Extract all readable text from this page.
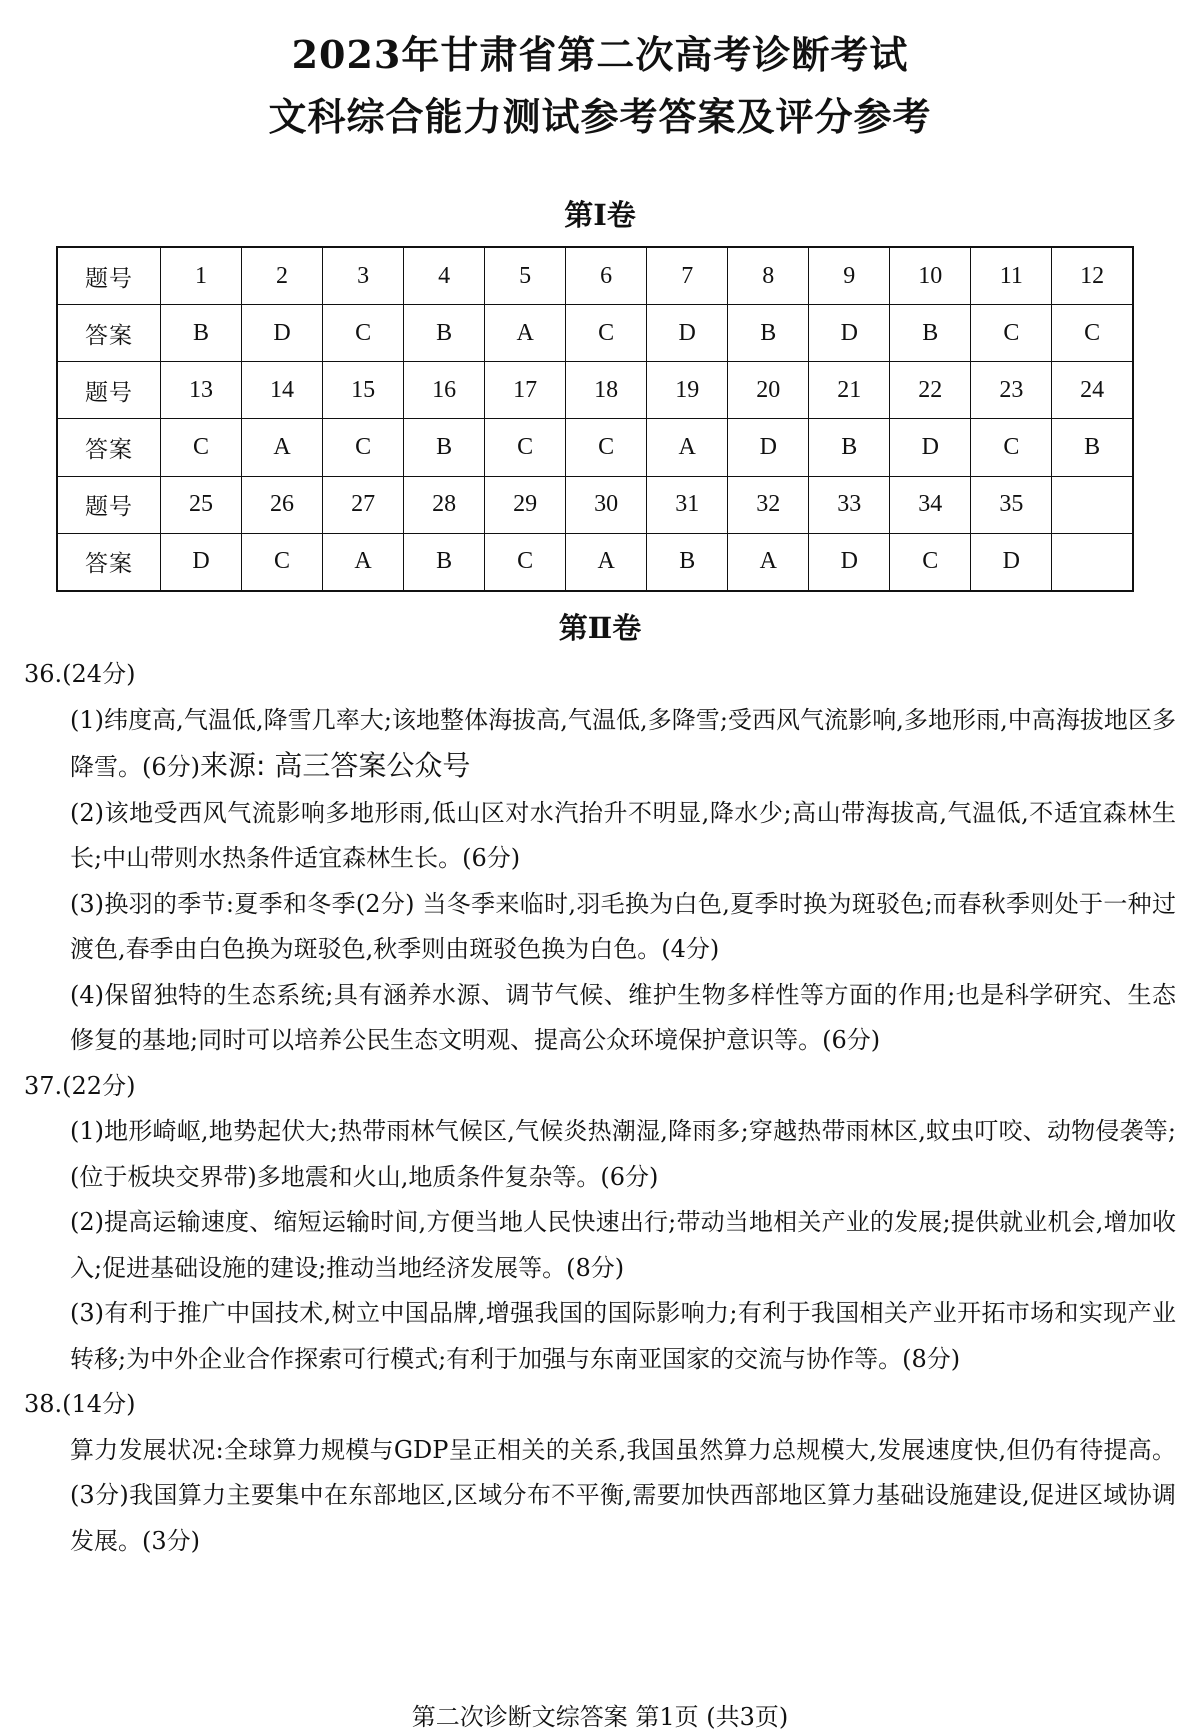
2023年甘肃省第二次高考诊断考试
文科综合能力测试参考答案及评分参考
第Ⅰ卷
题号	1	2	3	4	5	6	7	8	9	10	11	12
答案	B	D	C	B	A	C	D	B	D	B	C	C
题号	13	14	15	16	17	18	19	20	21	22	23	24
答案	C	A	C	B	C	C	A	D	B	D	C	B
题号	25	26	27	28	29	30	31	32	33	34	35	
答案	D	C	A	B	C	A	B	A	D	C	D	
第Ⅱ卷
36.(24分)
(1)纬度高,气温低,降雪几率大;该地整体海拔高,气温低,多降雪;受西风气流影响,多地形雨,中高海拔地区多降雪。(6分)来源: 高三答案公众号
(2)该地受西风气流影响多地形雨,低山区对水汽抬升不明显,降水少;高山带海拔高,气温低,不适宜森林生长;中山带则水热条件适宜森林生长。(6分)
(3)换羽的季节:夏季和冬季(2分) 当冬季来临时,羽毛换为白色,夏季时换为斑驳色;而春秋季则处于一种过渡色,春季由白色换为斑驳色,秋季则由斑驳色换为白色。(4分)
(4)保留独特的生态系统;具有涵养水源、调节气候、维护生物多样性等方面的作用;也是科学研究、生态修复的基地;同时可以培养公民生态文明观、提高公众环境保护意识等。(6分)
37.(22分)
(1)地形崎岖,地势起伏大;热带雨林气候区,气候炎热潮湿,降雨多;穿越热带雨林区,蚊虫叮咬、动物侵袭等;(位于板块交界带)多地震和火山,地质条件复杂等。(6分)
(2)提高运输速度、缩短运输时间,方便当地人民快速出行;带动当地相关产业的发展;提供就业机会,增加收入;促进基础设施的建设;推动当地经济发展等。(8分)
(3)有利于推广中国技术,树立中国品牌,增强我国的国际影响力;有利于我国相关产业开拓市场和实现产业转移;为中外企业合作探索可行模式;有利于加强与东南亚国家的交流与协作等。(8分)
38.(14分)
算力发展状况:全球算力规模与GDP呈正相关的关系,我国虽然算力总规模大,发展速度快,但仍有待提高。(3分)我国算力主要集中在东部地区,区域分布不平衡,需要加快西部地区算力基础设施建设,促进区域协调发展。(3分)
第二次诊断文综答案 第1页 (共3页)
